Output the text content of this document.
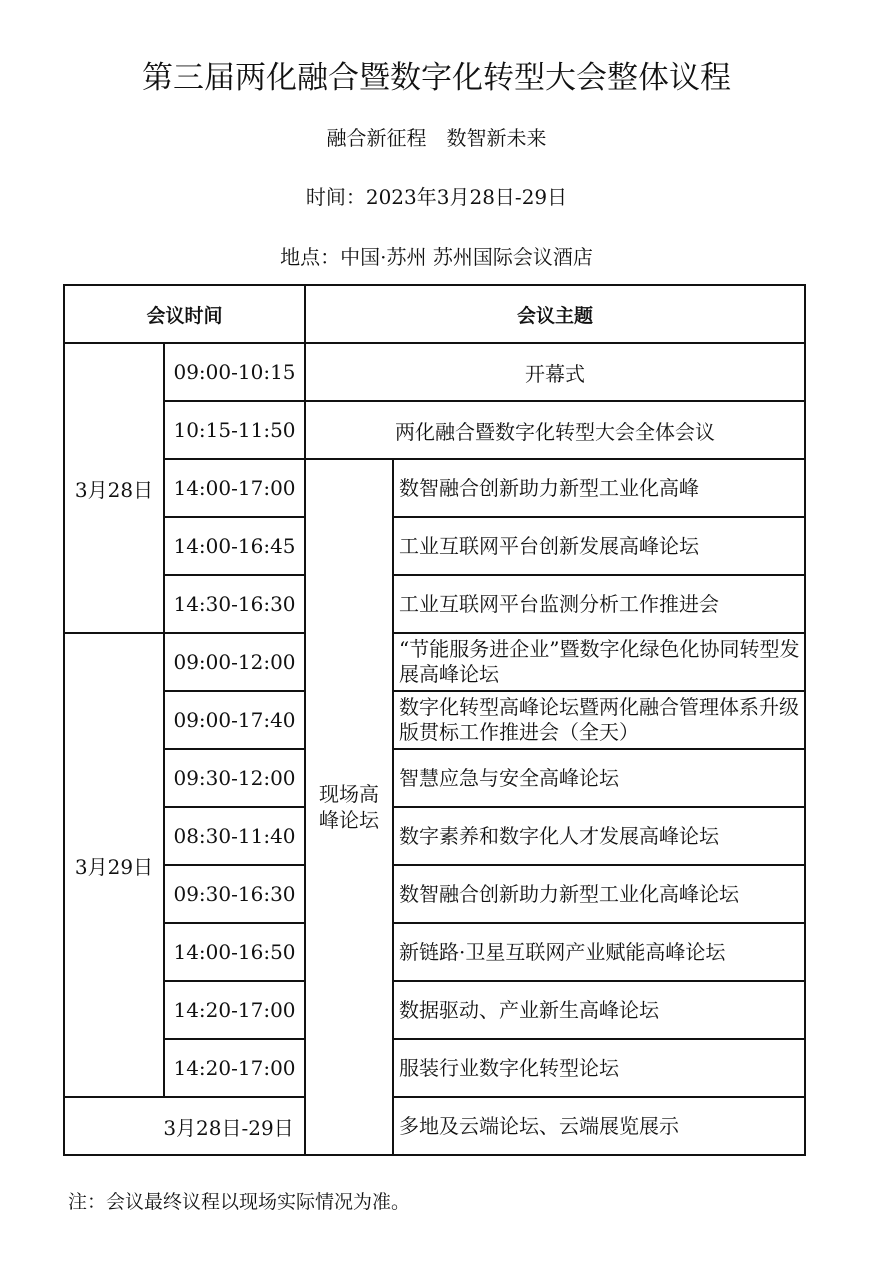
第三届两化融合暨数字化转型大会整体议程
融合新征程　数智新未来
时间：2023年3月28日-29日
地点：中国·苏州 苏州国际会议酒店
会议时间		会议主题	
3月28日	09:00-10:15	开幕式	
	10:15-11:50	两化融合暨数字化转型大会全体会议	
	14:00-17:00	现场高峰论坛	数智融合创新助力新型工业化高峰
	14:00-16:45		工业互联网平台创新发展高峰论坛
	14:30-16:30		工业互联网平台监测分析工作推进会
3月29日	09:00-12:00		“节能服务进企业”暨数字化绿色化协同转型发展高峰论坛
	09:00-17:40		数字化转型高峰论坛暨两化融合管理体系升级版贯标工作推进会（全天）
	09:30-12:00		智慧应急与安全高峰论坛
	08:30-11:40		数字素养和数字化人才发展高峰论坛
	09:30-16:30		数智融合创新助力新型工业化高峰论坛
	14:00-16:50		新链路·卫星互联网产业赋能高峰论坛
	14:20-17:00		数据驱动、产业新生高峰论坛
	14:20-17:00		服装行业数字化转型论坛
3月28日-29日			多地及云端论坛、云端展览展示
注：会议最终议程以现场实际情况为准。
